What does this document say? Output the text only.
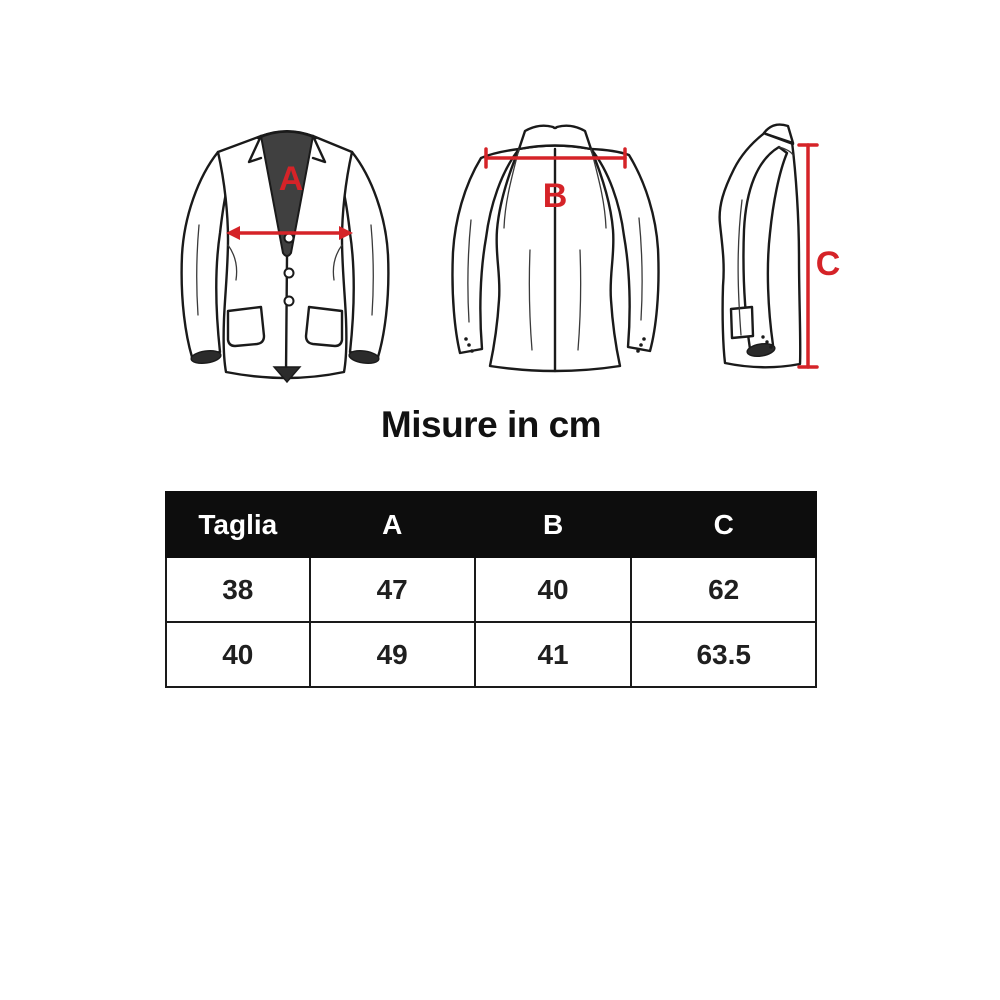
A	B
C
Misure in cm
Taglia	A	B	C
38	47	40	62
40	49	41	63.5
